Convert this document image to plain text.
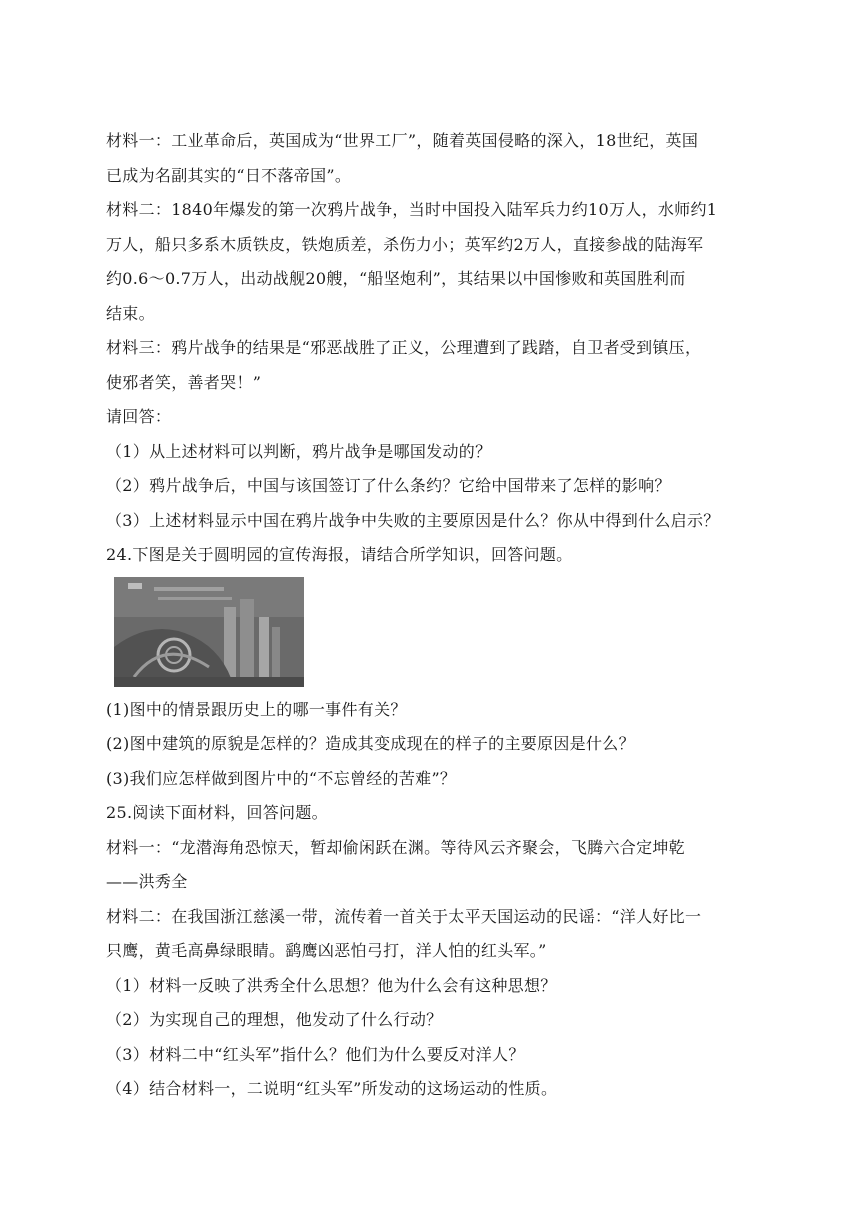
材料一：工业革命后，英国成为“世界工厂”，随着英国侵略的深入，18世纪，英国
已成为名副其实的“日不落帝国”。
材料二：1840年爆发的第一次鸦片战争，当时中国投入陆军兵力约10万人，水师约1
万人，船只多系木质铁皮，铁炮质差，杀伤力小；英军约2万人，直接参战的陆海军
约0.6～0.7万人，出动战舰20艘，“船坚炮利”，其结果以中国惨败和英国胜利而
结束。
材料三：鸦片战争的结果是“邪恶战胜了正义，公理遭到了践踏，自卫者受到镇压，
使邪者笑，善者哭！”
请回答：
（1）从上述材料可以判断，鸦片战争是哪国发动的？
（2）鸦片战争后，中国与该国签订了什么条约？它给中国带来了怎样的影响？
（3）上述材料显示中国在鸦片战争中失败的主要原因是什么？你从中得到什么启示？
24.下图是关于圆明园的宣传海报，请结合所学知识，回答问题。
(1)图中的情景跟历史上的哪一事件有关？
(2)图中建筑的原貌是怎样的？造成其变成现在的样子的主要原因是什么？
(3)我们应怎样做到图片中的“不忘曾经的苦难”？
25.阅读下面材料，回答问题。
材料一：“龙潜海角恐惊天，暂却偷闲跃在渊。等待风云齐聚会，飞腾六合定坤乾
——洪秀全
材料二：在我国浙江慈溪一带，流传着一首关于太平天国运动的民谣：“洋人好比一
只鹰，黄毛高鼻绿眼睛。鹞鹰凶恶怕弓打，洋人怕的红头军。”
（1）材料一反映了洪秀全什么思想？他为什么会有这种思想？
（2）为实现自己的理想，他发动了什么行动？
（3）材料二中“红头军”指什么？他们为什么要反对洋人？
（4）结合材料一，二说明“红头军”所发动的这场运动的性质。
